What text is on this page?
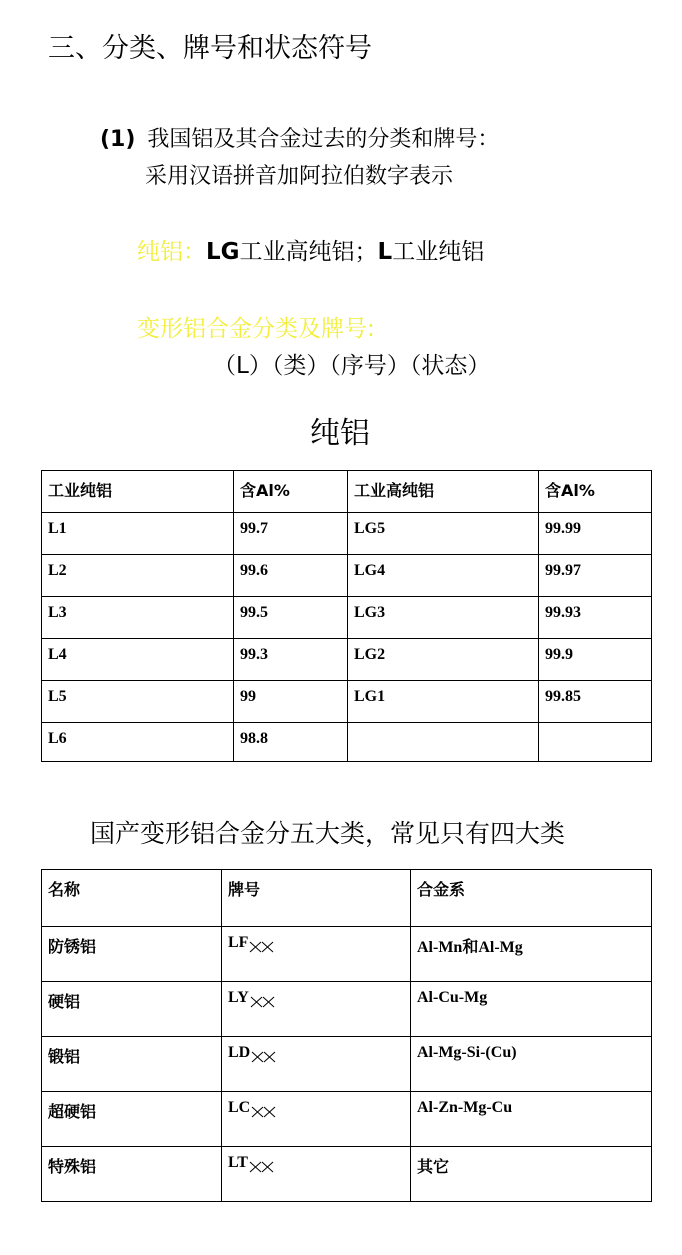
三、分类、牌号和状态符号
(1) 我国铝及其合金过去的分类和牌号：
采用汉语拼音加阿拉伯数字表示
纯铝：LG工业高纯铝；L工业纯铝
变形铝合金分类及牌号:
（L）（类）（序号）（状态）
纯铝
工业纯铝	含Al%	工业高纯铝	含Al%
L1	99.7	LG5	99.99
L2	99.6	LG4	99.97
L3	99.5	LG3	99.93
L4	99.3	LG2	99.9
L5	99	LG1	99.85
L6	98.8		
国产变形铝合金分五大类，常见只有四大类
名称	牌号	合金系
防锈铝	LF	Al-Mn和Al-Mg
硬铝	LY	Al-Cu-Mg
锻铝	LD	Al-Mg-Si-(Cu)
超硬铝	LC	Al-Zn-Mg-Cu
特殊铝	LT	其它
